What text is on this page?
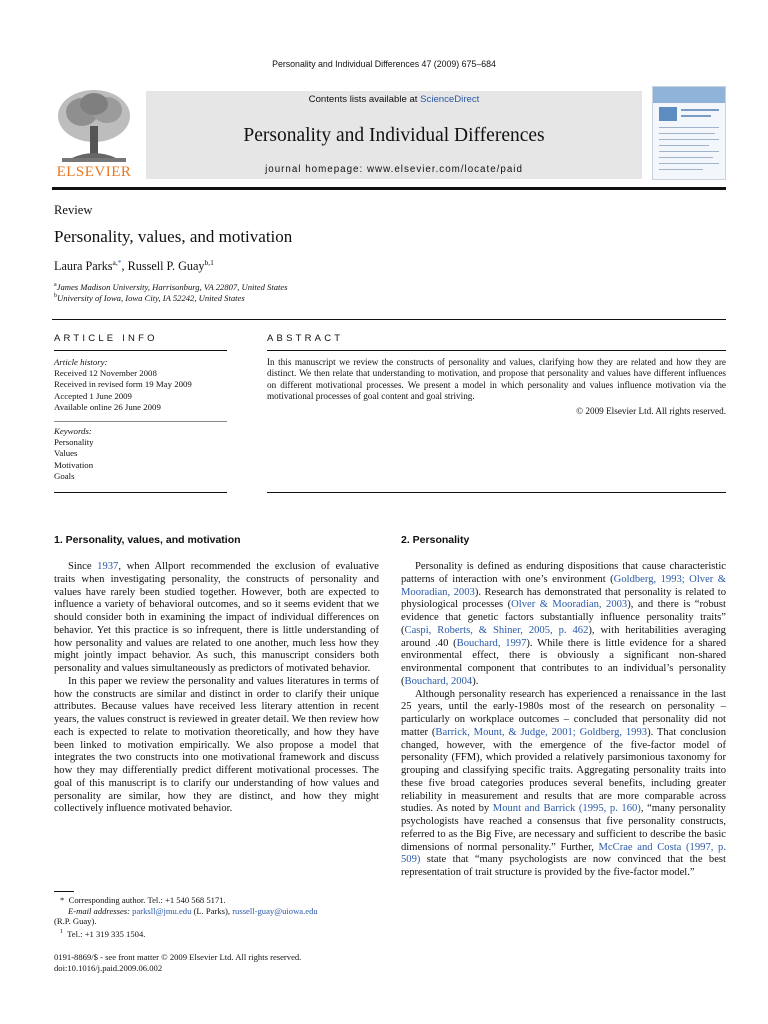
Personality and Individual Differences 47 (2009) 675–684
ELSEVIER
Contents lists available at ScienceDirect
Personality and Individual Differences
journal homepage: www.elsevier.com/locate/paid
Review
Personality, values, and motivation
Laura Parks$^{a,*}$, Russell P. Guay$^{b,1}$
$^a$James Madison University, Harrisonburg, VA 22807, United States
$^b$University of Iowa, Iowa City, IA 52242, United States
ARTICLE INFO
Article history:
Received 12 November 2008
Received in revised form 19 May 2009
Accepted 1 June 2009
Available online 26 June 2009
Keywords:
Personality
Values
Motivation
Goals
ABSTRACT
In this manuscript we review the constructs of personality and values, clarifying how they are related and how they are distinct. We then relate that understanding to motivation, and propose that personality and values have different influences on different motivational processes. We present a model in which personality and values influence motivation via the motivational processes of goal content and goal striving.
© 2009 Elsevier Ltd. All rights reserved.
1. Personality, values, and motivation

Since 1937, when Allport recommended the exclusion of evaluative traits when investigating personality, the constructs of personality and values have rarely been studied together. However, both are expected to influence a variety of behavioral outcomes, and so it seems evident that we should consider both in examining the impact of individual differences on behavior. Yet this practice is so infrequent, there is little understanding of how personality and values are related to one another, much less how they might jointly impact behavior. As such, this manuscript considers both personality and values simultaneously as predictors of motivated behavior.

In this paper we review the personality and values literatures in terms of how the constructs are similar and distinct in order to clarify their unique attributes. Because values have received less literary attention in recent years, the values construct is reviewed in greater detail. We then review how each is expected to relate to motivation theoretically, and how they have been linked to motivation empirically. We also propose a model that integrates the two constructs into one motivational framework and discuss how they may differentially predict different motivational processes. The goal of this manuscript is to clarify our understanding of how values and personality are similar, how they are distinct, and how they might collectively influence motivated behavior.

* Corresponding author. Tel.: +1 540 568 5171.
E-mail addresses: parksll@jmu.edu (L. Parks), russell-guay@uiowa.edu
(R.P. Guay).
$^1$ Tel.: +1 319 335 1504.
0191-8869/$ - see front matter © 2009 Elsevier Ltd. All rights reserved.
doi:10.1016/j.paid.2009.06.002
2. Personality

Personality is defined as enduring dispositions that cause characteristic patterns of interaction with one’s environment (Goldberg, 1993; Olver & Mooradian, 2003). Research has demonstrated that personality is related to physiological processes (Olver & Mooradian, 2003), and there is “robust evidence that genetic factors substantially influence personality traits” (Caspi, Roberts, & Shiner, 2005, p. 462), with heritabilities averaging around .40 (Bouchard, 1997). While there is little evidence for a shared environmental effect, there is obviously a significant non-shared environmental component that contributes to an individual’s personality (Bouchard, 2004).

Although personality research has experienced a renaissance in the last 25 years, until the early-1980s most of the research on personality – particularly on workplace outcomes – concluded that personality did not matter (Barrick, Mount, & Judge, 2001; Goldberg, 1993). That conclusion changed, however, with the emergence of the five-factor model of personality (FFM), which provided a relatively parsimonious taxonomy for grouping and classifying specific traits. Aggregating personality traits into these five broad categories produces several benefits, including greater reliability in measurement and results that are more comparable across studies. As noted by Mount and Barrick (1995, p. 160), “many personality psychologists have reached a consensus that five personality constructs, referred to as the Big Five, are necessary and sufficient to describe the basic dimensions of normal personality.” Further, McCrae and Costa (1997, p. 509) state that “many psychologists are now convinced that the best representation of trait structure is provided by the five-factor model.”
